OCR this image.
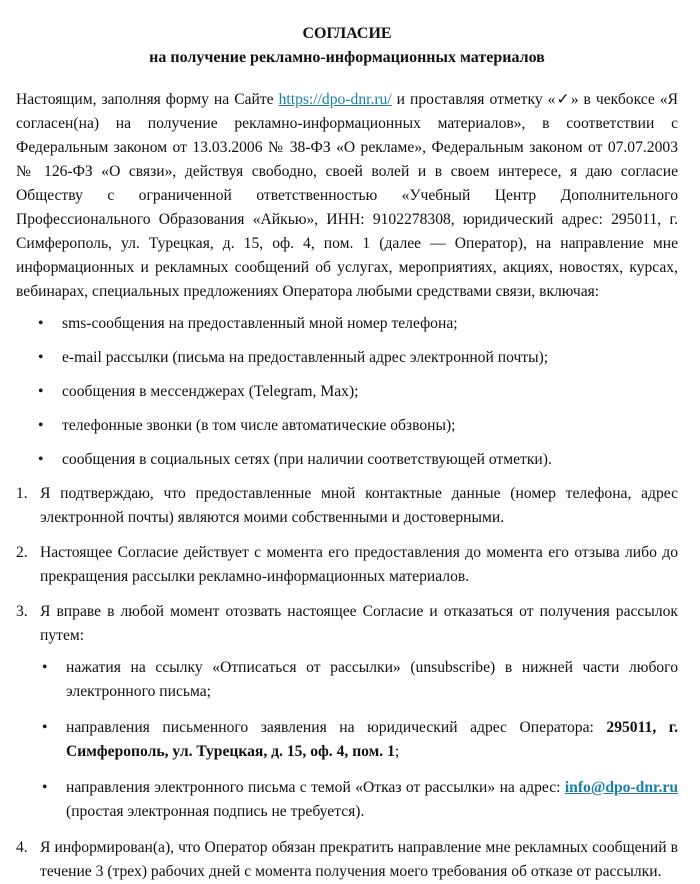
СОГЛАСИЕ

на получение рекламно-информационных материалов

Настоящим, заполняя форму на Сайте https://dpo-dnr.ru/ и проставляя отметку «✓» в чекбоксе «Я согласен(на) на получение рекламно-информационных материалов», в соответствии с Федеральным законом от 13.03.2006 № 38-ФЗ «О рекламе», Федеральным законом от 07.07.2003 № 126-ФЗ «О связи», действуя свободно, своей волей и в своем интересе, я даю согласие Обществу с ограниченной ответственностью «Учебный Центр Дополнительного Профессионального Образования «Айкью», ИНН: 9102278308, юридический адрес: 295011, г. Симферополь, ул. Турецкая, д. 15, оф. 4, пом. 1 (далее — Оператор), на направление мне информационных и рекламных сообщений об услугах, мероприятиях, акциях, новостях, курсах, вебинарах, специальных предложениях Оператора любыми средствами связи, включая:

• sms-сообщения на предоставленный мной номер телефона;
• e-mail рассылки (письма на предоставленный адрес электронной почты);
• сообщения в мессенджерах (Telegram, Max);
• телефонные звонки (в том числе автоматические обзвоны);
• сообщения в социальных сетях (при наличии соответствующей отметки).
1. Я подтверждаю, что предоставленные мной контактные данные (номер телефона, адрес электронной почты) являются моими собственными и достоверными.
2. Настоящее Согласие действует с момента его предоставления до момента его отзыва либо до прекращения рассылки рекламно-информационных материалов.
3. Я вправе в любой момент отозвать настоящее Согласие и отказаться от получения рассылок путем:
• нажатия на ссылку «Отписаться от рассылки» (unsubscribe) в нижней части любого электронного письма;
• направления письменного заявления на юридический адрес Оператора: 295011, г. Симферополь, ул. Турецкая, д. 15, оф. 4, пом. 1;
• направления электронного письма с темой «Отказ от рассылки» на адрес: info@dpo-dnr.ru (простая электронная подпись не требуется).
4. Я информирован(а), что Оператор обязан прекратить направление мне рекламных сообщений в течение 3 (трех) рабочих дней с момента получения моего требования об отказе от рассылки.
